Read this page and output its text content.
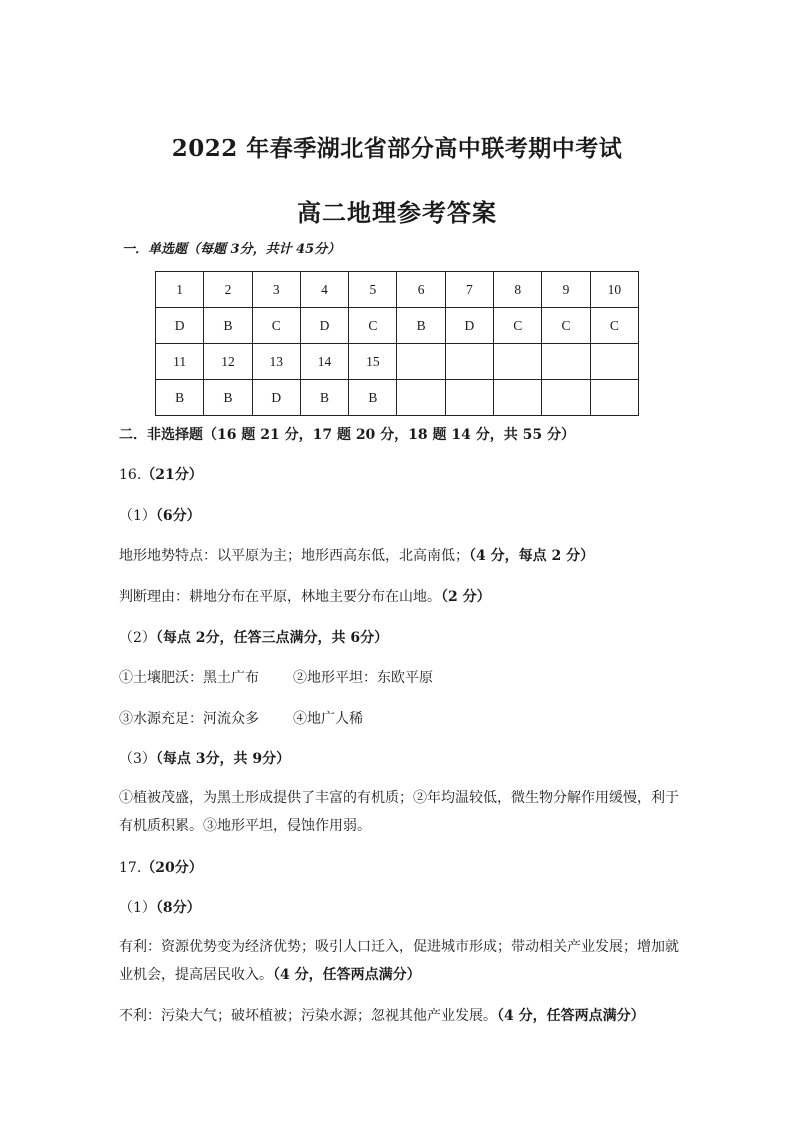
2022 年春季湖北省部分高中联考期中考试
高二地理参考答案
一．单选题（每题 3分，共计 45分）
1	2	3	4	5	6	7	8	9	10
D	B	C	D	C	B	D	C	C	C
11	12	13	14	15					
B	B	D	B	B					
二．非选择题（16 题 21 分，17 题 20 分，18 题 14 分，共 55 分）
16.（21分）
（1）（6分）
地形地势特点：以平原为主；地形西高东低，北高南低；（4 分，每点 2 分）
判断理由：耕地分布在平原，林地主要分布在山地。（2 分）
（2）（每点 2分，任答三点满分，共 6分）
①土壤肥沃：黑土广布 ②地形平坦：东欧平原
③水源充足：河流众多 ④地广人稀
（3）（每点 3分，共 9分）
①植被茂盛，为黑土形成提供了丰富的有机质；②年均温较低，微生物分解作用缓慢，利于有机质积累。③地形平坦，侵蚀作用弱。
17.（20分）
（1）（8分）
有利：资源优势变为经济优势；吸引人口迁入，促进城市形成；带动相关产业发展；增加就业机会，提高居民收入。（4 分，任答两点满分）
不利：污染大气；破坏植被；污染水源；忽视其他产业发展。（4 分，任答两点满分）
